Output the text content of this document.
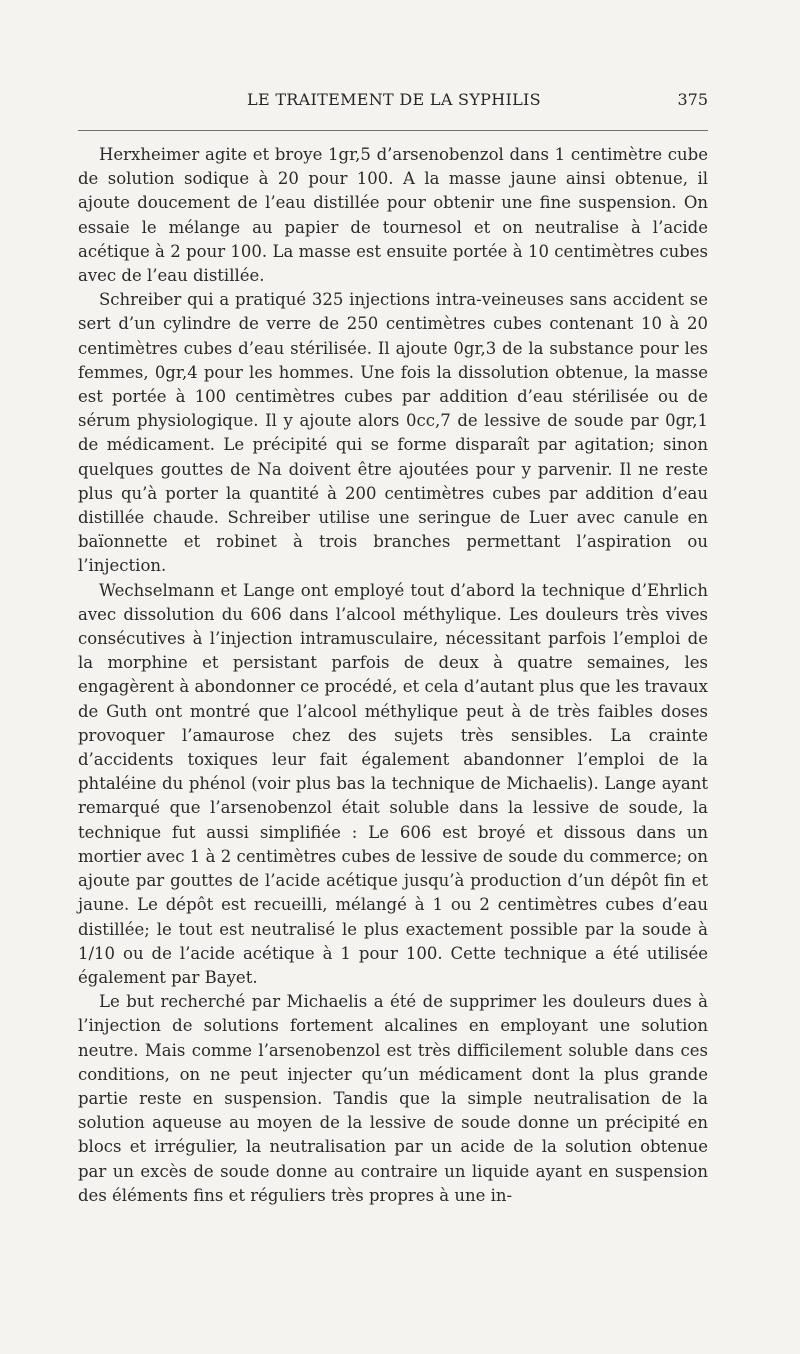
LE TRAITEMENT DE LA SYPHILIS	375

Herxheimer agite et broye 1gr,5 d’arsenobenzol dans 1 centimètre cube de solution sodique à 20 pour 100. A la masse jaune ainsi obtenue, il ajoute doucement de l’eau distillée pour obtenir une fine suspension. On essaie le mélange au papier de tournesol et on neutralise à l’acide acétique à 2 pour 100. La masse est ensuite portée à 10 centimètres cubes avec de l’eau distillée.

Schreiber qui a pratiqué 325 injections intra-veineuses sans accident se sert d’un cylindre de verre de 250 centimètres cubes contenant 10 à 20 centimètres cubes d’eau stérilisée. Il ajoute 0gr,3 de la substance pour les femmes, 0gr,4 pour les hommes. Une fois la dissolution obtenue, la masse est portée à 100 centimètres cubes par addition d’eau stérilisée ou de sérum physiologique. Il y ajoute alors 0cc,7 de lessive de soude par 0gr,1 de médicament. Le précipité qui se forme disparaît par agitation; sinon quelques gouttes de Na doivent être ajoutées pour y parvenir. Il ne reste plus qu’à porter la quantité à 200 centimètres cubes par addition d’eau distillée chaude. Schreiber utilise une seringue de Luer avec canule en baïonnette et robinet à trois branches permettant l’aspiration ou l’injection.

Wechselmann et Lange ont employé tout d’abord la technique d’Ehrlich avec dissolution du 606 dans l’alcool méthylique. Les douleurs très vives consécutives à l’injection intramusculaire, nécessitant parfois l’emploi de la morphine et persistant parfois de deux à quatre semaines, les engagèrent à abondonner ce procédé, et cela d’autant plus que les travaux de Guth ont montré que l’alcool méthylique peut à de très faibles doses provoquer l’amaurose chez des sujets très sensibles. La crainte d’accidents toxiques leur fait également abandonner l’emploi de la phtaléine du phénol (voir plus bas la technique de Michaelis). Lange ayant remarqué que l’arsenobenzol était soluble dans la lessive de soude, la technique fut aussi simplifiée : Le 606 est broyé et dissous dans un mortier avec 1 à 2 centimètres cubes de lessive de soude du commerce; on ajoute par gouttes de l’acide acétique jusqu’à production d’un dépôt fin et jaune. Le dépôt est recueilli, mélangé à 1 ou 2 centimètres cubes d’eau distillée; le tout est neutralisé le plus exactement possible par la soude à 1/10 ou de l’acide acétique à 1 pour 100. Cette technique a été utilisée également par Bayet.

Le but recherché par Michaelis a été de supprimer les douleurs dues à l’injection de solutions fortement alcalines en employant une solution neutre. Mais comme l’arsenobenzol est très difficilement soluble dans ces conditions, on ne peut injecter qu’un médicament dont la plus grande partie reste en suspension. Tandis que la simple neutralisation de la solution aqueuse au moyen de la lessive de soude donne un précipité en blocs et irrégulier, la neutralisation par un acide de la solution obtenue par un excès de soude donne au contraire un liquide ayant en suspension des éléments fins et réguliers très propres à une in-
